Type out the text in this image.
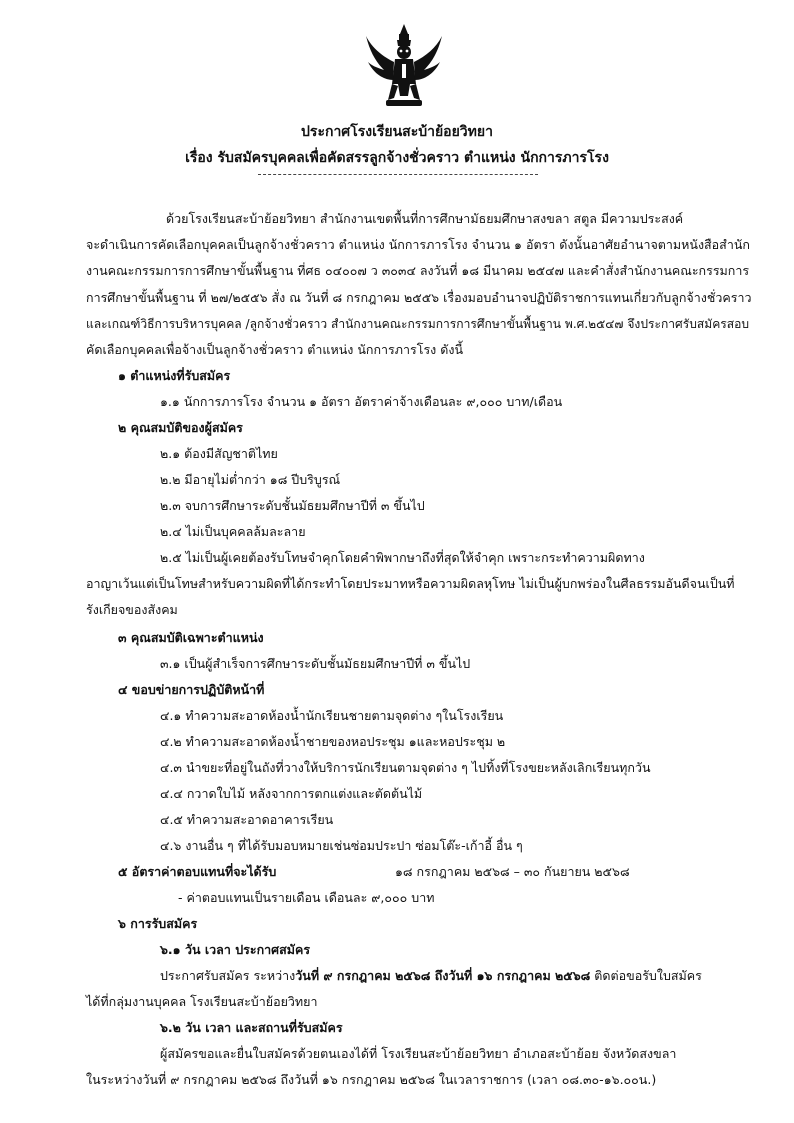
ประกาศโรงเรียนสะบ้าย้อยวิทยา
เรื่อง รับสมัครบุคคลเพื่อคัดสรรลูกจ้างชั่วคราว ตำแหน่ง นักการภารโรง
ด้วยโรงเรียนสะบ้าย้อยวิทยา สำนักงานเขตพื้นที่การศึกษามัธยมศึกษาสงขลา สตูล มีความประสงค์
จะดำเนินการคัดเลือกบุคคลเป็นลูกจ้างชั่วคราว ตำแหน่ง นักการภารโรง จำนวน ๑ อัตรา ดังนั้นอาศัยอำนาจตามหนังสือสำนัก
งานคณะกรรมการการศึกษาขั้นพื้นฐาน ที่ศธ ๐๔๐๐๗ ว ๓๐๓๔ ลงวันที่ ๑๘ มีนาคม ๒๕๔๗ และคำสั่งสำนักงานคณะกรรมการ
การศึกษาขั้นพื้นฐาน ที่ ๒๗/๒๕๕๖ สั่ง ณ วันที่ ๘ กรกฎาคม ๒๕๕๖ เรื่องมอบอำนาจปฏิบัติราชการแทนเกี่ยวกับลูกจ้างชั่วคราว
และเกณฑ์วิธีการบริหารบุคคล /ลูกจ้างชั่วคราว สำนักงานคณะกรรมการการศึกษาขั้นพื้นฐาน พ.ศ.๒๕๔๗ จึงประกาศรับสมัครสอบ
คัดเลือกบุคคลเพื่อจ้างเป็นลูกจ้างชั่วคราว ตำแหน่ง นักการภารโรง ดังนี้
๑ ตำแหน่งที่รับสมัคร
๑.๑ นักการภารโรง จำนวน ๑ อัตรา อัตราค่าจ้างเดือนละ ๙,๐๐๐ บาท/เดือน
๒ คุณสมบัติของผู้สมัคร
๒.๑ ต้องมีสัญชาติไทย
๒.๒ มีอายุไม่ต่ำกว่า ๑๘ ปีบริบูรณ์
๒.๓ จบการศึกษาระดับชั้นมัธยมศึกษาปีที่ ๓ ขึ้นไป
๒.๔ ไม่เป็นบุคคลล้มละลาย
๒.๕ ไม่เป็นผู้เคยต้องรับโทษจำคุกโดยคำพิพากษาถึงที่สุดให้จำคุก เพราะกระทำความผิดทาง
อาญาเว้นแต่เป็นโทษสำหรับความผิดที่ได้กระทำโดยประมาทหรือความผิดลหุโทษ ไม่เป็นผู้บกพร่องในศีลธรรมอันดีจนเป็นที่
รังเกียจของสังคม
๓ คุณสมบัติเฉพาะตำแหน่ง
๓.๑ เป็นผู้สำเร็จการศึกษาระดับชั้นมัธยมศึกษาปีที่ ๓ ขึ้นไป
๔ ขอบข่ายการปฏิบัติหน้าที่
๔.๑ ทำความสะอาดห้องน้ำนักเรียนชายตามจุดต่าง ๆในโรงเรียน
๔.๒ ทำความสะอาดห้องน้ำชายของหอประชุม ๑และหอประชุม ๒
๔.๓ นำขยะที่อยู่ในถังที่วางให้บริการนักเรียนตามจุดต่าง ๆ ไปทิ้งที่โรงขยะหลังเลิกเรียนทุกวัน
๔.๔ กวาดใบไม้ หลังจากการตกแต่งและตัดต้นไม้
๔.๕ ทำความสะอาดอาคารเรียน
๔.๖ งานอื่น ๆ ที่ได้รับมอบหมายเช่นซ่อมประปา ซ่อมโต๊ะ-เก้าอี้ อื่น ๆ
๕ อัตราค่าตอบแทนที่จะได้รับ	๑๘ กรกฎาคม ๒๕๖๘ – ๓๐ กันยายน ๒๕๖๘
- ค่าตอบแทนเป็นรายเดือน เดือนละ ๙,๐๐๐ บาท
๖ การรับสมัคร
๖.๑ วัน เวลา ประกาศสมัคร
ประกาศรับสมัคร ระหว่างวันที่ ๙ กรกฎาคม ๒๕๖๘ ถึงวันที่ ๑๖ กรกฎาคม ๒๕๖๘ ติดต่อขอรับใบสมัคร
ได้ที่กลุ่มงานบุคคล โรงเรียนสะบ้าย้อยวิทยา
๖.๒ วัน เวลา และสถานที่รับสมัคร
ผู้สมัครขอและยื่นใบสมัครด้วยตนเองได้ที่ โรงเรียนสะบ้าย้อยวิทยา อำเภอสะบ้าย้อย จังหวัดสงขลา
ในระหว่างวันที่ ๙ กรกฎาคม ๒๕๖๘ ถึงวันที่ ๑๖ กรกฎาคม ๒๕๖๘ ในเวลาราชการ (เวลา ๐๘.๓๐-๑๖.๐๐น.)
